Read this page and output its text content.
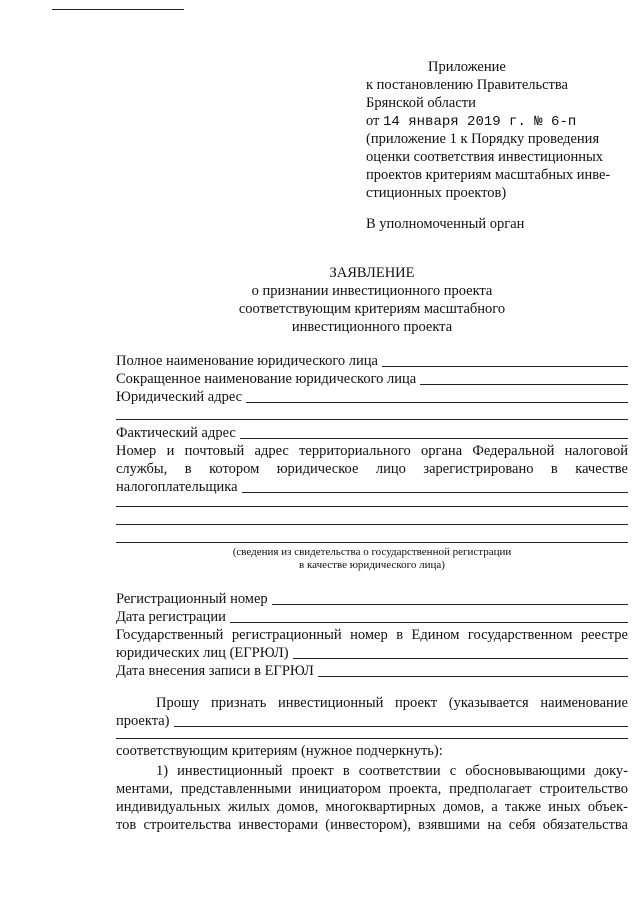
Приложение
к постановлению Правительства
Брянской области
от 14 января 2019 г. № 6-п
(приложение 1 к Порядку проведения
оценки соответствия инвестиционных
проектов критериям масштабных инве-
стиционных проектов)
В уполномоченный орган
ЗАЯВЛЕНИЕ
о признании инвестиционного проекта
соответствующим критериям масштабного
инвестиционного проекта
Полное наименование юридического лица
Сокращенное наименование юридического лица
Юридический адрес
Фактический адрес
Номер и почтовый адрес территориального органа Федеральной налоговой
службы, в котором юридическое лицо зарегистрировано в качестве
налогоплательщика
(сведения из свидетельства о государственной регистрации
в качестве юридического лица)
Регистрационный номер
Дата регистрации
Государственный регистрационный номер в Едином государственном реестре
юридических лиц (ЕГРЮЛ)
Дата внесения записи в ЕГРЮЛ
Прошу признать инвестиционный проект (указывается наименование
проекта)
соответствующим критериям (нужное подчеркнуть):
1) инвестиционный проект в соответствии с обосновывающими доку-
ментами, представленными инициатором проекта, предполагает строительство
индивидуальных жилых домов, многоквартирных домов, а также иных объек-
тов строительства инвесторами (инвестором), взявшими на себя обязательства
